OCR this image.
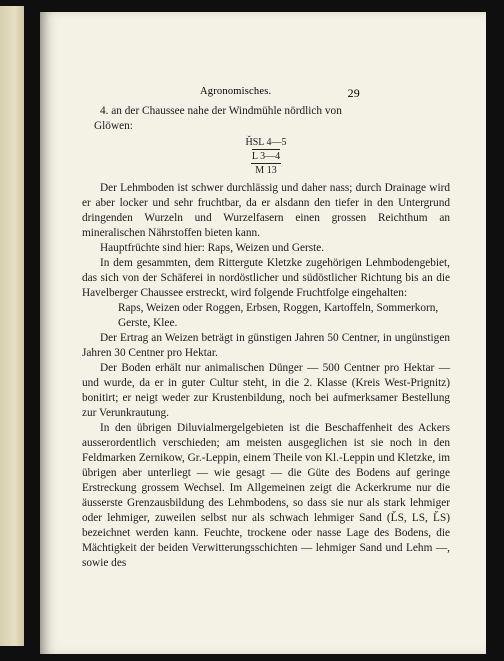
Agronomisches.	29

4. an der Chaussee nahe der Windmühle nördlich von
Glöwen:

H̆SL 4—5
L 3—4
M 13

Der Lehmboden ist schwer durchlässig und daher nass; durch Drainage wird er aber locker und sehr fruchtbar, da er alsdann den tiefer in den Untergrund dringenden Wurzeln und Wurzelfasern einen grossen Reichthum an mineralischen Nährstoffen bieten kann.

Hauptfrüchte sind hier: Raps, Weizen und Gerste.

In dem gesammten, dem Rittergute Kletzke zugehörigen Lehmbodengebiet, das sich von der Schäferei in nordöstlicher und südöstlicher Richtung bis an die Havelberger Chaussee erstreckt, wird folgende Fruchtfolge eingehalten:

Raps, Weizen oder Roggen, Erbsen, Roggen, Kartoffeln, Sommerkorn, Gerste, Klee.

Der Ertrag an Weizen beträgt in günstigen Jahren 50 Centner, in ungünstigen Jahren 30 Centner pro Hektar.

Der Boden erhält nur animalischen Dünger — 500 Centner pro Hektar — und wurde, da er in guter Cultur steht, in die 2. Klasse (Kreis West-Prignitz) bonitirt; er neigt weder zur Krustenbildung, noch bei aufmerksamer Bestellung zur Verunkrautung.

In den übrigen Diluvialmergelgebieten ist die Beschaffenheit des Ackers ausserordentlich verschieden; am meisten ausgeglichen ist sie noch in den Feldmarken Zernikow, Gr.-Leppin, einem Theile von Kl.-Leppin und Kletzke, im übrigen aber unterliegt — wie gesagt — die Güte des Bodens auf geringe Erstreckung grossem Wechsel. Im Allgemeinen zeigt die Ackerkrume nur die äusserste Grenzausbildung des Lehmbodens, so dass sie nur als stark lehmiger oder lehmiger, zuweilen selbst nur als schwach lehmiger Sand (L̆S, LS, L̆S) bezeichnet werden kann. Feuchte, trockene oder nasse Lage des Bodens, die Mächtigkeit der beiden Verwitterungsschichten — lehmiger Sand und Lehm —, sowie des
